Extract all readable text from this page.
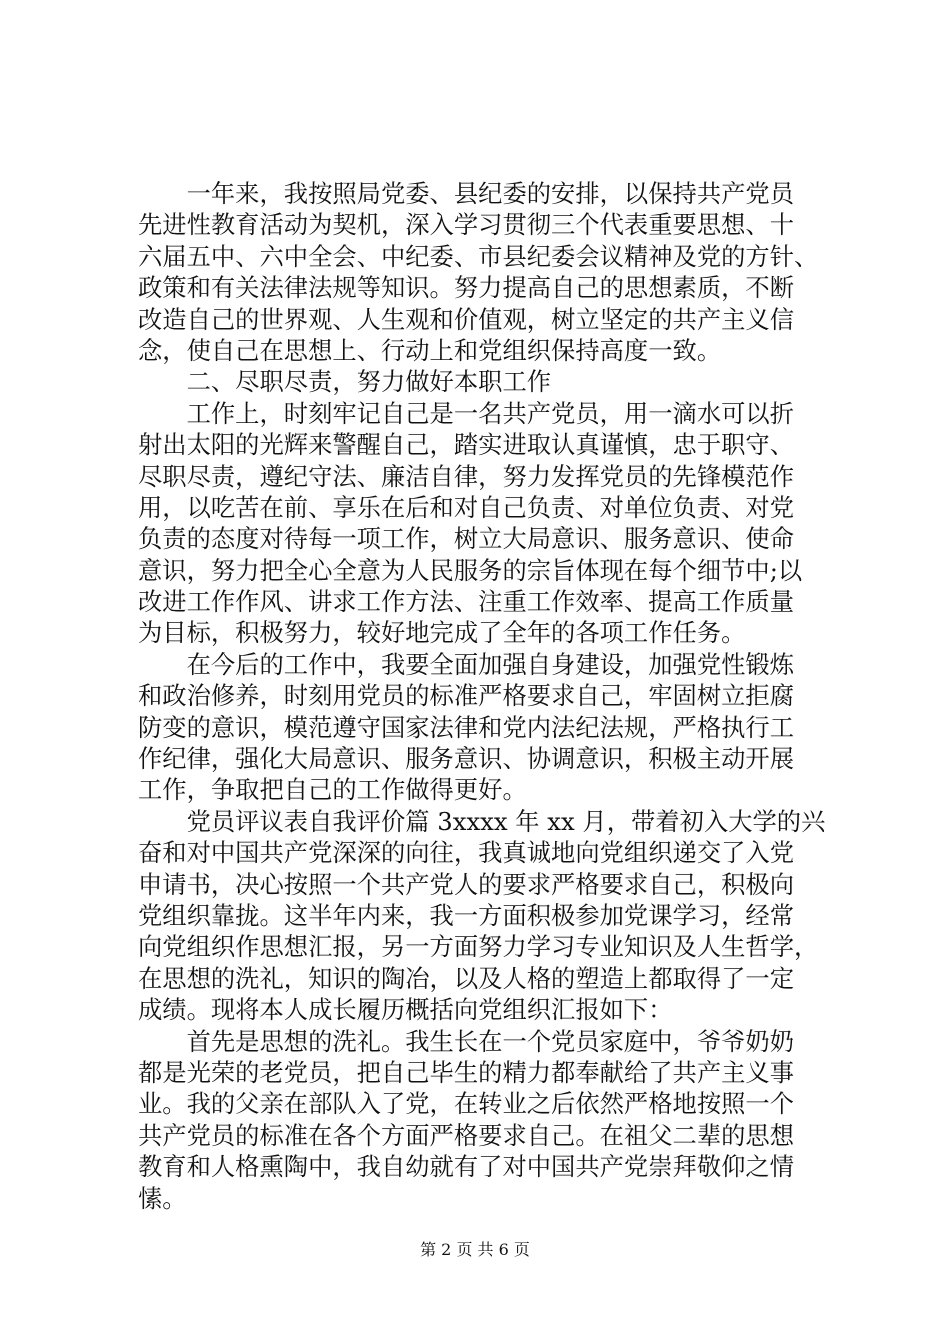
　　一年来，我按照局党委、县纪委的安排，以保持共产党员
先进性教育活动为契机，深入学习贯彻三个代表重要思想、十
六届五中、六中全会、中纪委、市县纪委会议精神及党的方针、
政策和有关法律法规等知识。努力提高自己的思想素质，不断
改造自己的世界观、人生观和价值观，树立坚定的共产主义信
念，使自己在思想上、行动上和党组织保持高度一致。
　　二、尽职尽责，努力做好本职工作
　　工作上，时刻牢记自己是一名共产党员，用一滴水可以折
射出太阳的光辉来警醒自己，踏实进取认真谨慎，忠于职守、
尽职尽责，遵纪守法、廉洁自律，努力发挥党员的先锋模范作
用，以吃苦在前、享乐在后和对自己负责、对单位负责、对党
负责的态度对待每一项工作，树立大局意识、服务意识、使命
意识，努力把全心全意为人民服务的宗旨体现在每个细节中;以
改进工作作风、讲求工作方法、注重工作效率、提高工作质量
为目标，积极努力，较好地完成了全年的各项工作任务。
　　在今后的工作中，我要全面加强自身建设，加强党性锻炼
和政治修养，时刻用党员的标准严格要求自己，牢固树立拒腐
防变的意识，模范遵守国家法律和党内法纪法规，严格执行工
作纪律，强化大局意识、服务意识、协调意识，积极主动开展
工作，争取把自己的工作做得更好。
　　党员评议表自我评价篇 3xxxx 年 xx 月，带着初入大学的兴
奋和对中国共产党深深的向往，我真诚地向党组织递交了入党
申请书，决心按照一个共产党人的要求严格要求自己，积极向
党组织靠拢。这半年内来，我一方面积极参加党课学习，经常
向党组织作思想汇报，另一方面努力学习专业知识及人生哲学，
在思想的洗礼，知识的陶冶，以及人格的塑造上都取得了一定
成绩。现将本人成长履历概括向党组织汇报如下：
　　首先是思想的洗礼。我生长在一个党员家庭中，爷爷奶奶
都是光荣的老党员，把自己毕生的精力都奉献给了共产主义事
业。我的父亲在部队入了党，在转业之后依然严格地按照一个
共产党员的标准在各个方面严格要求自己。在祖父二辈的思想
教育和人格熏陶中，我自幼就有了对中国共产党崇拜敬仰之情
愫。
第 2 页 共 6 页
